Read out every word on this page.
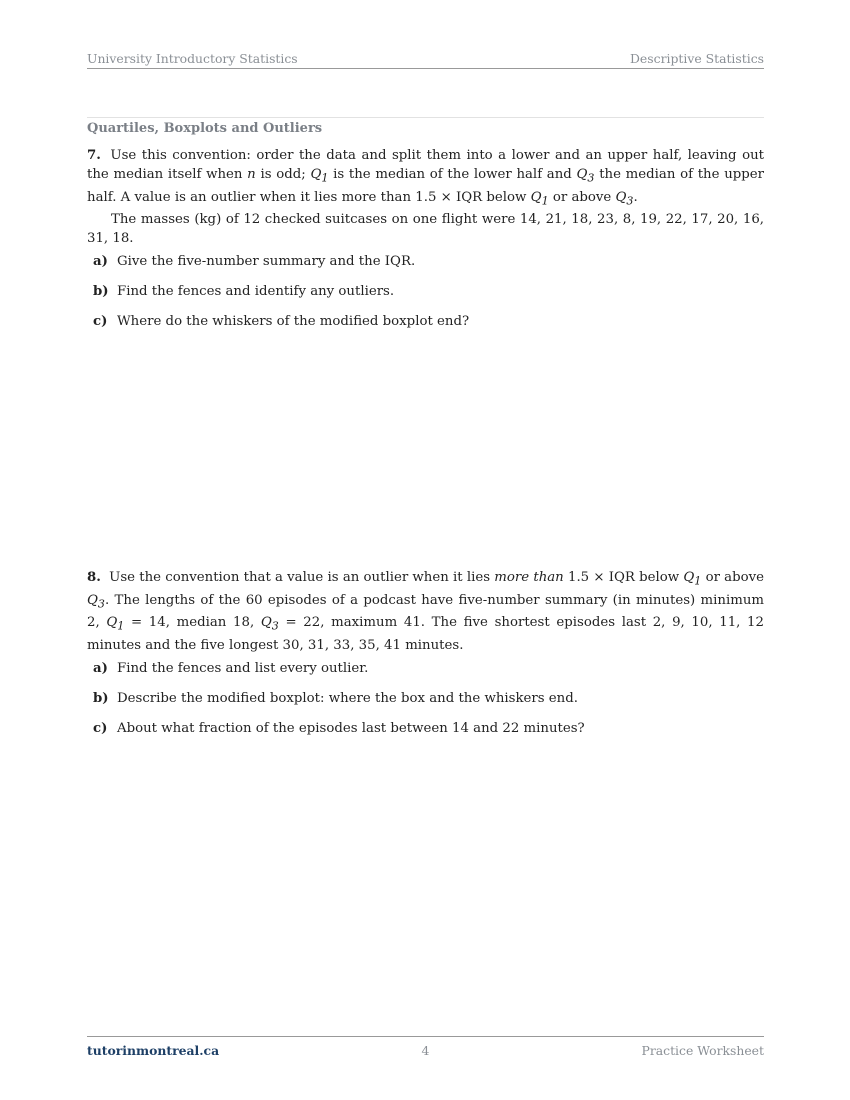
University Introductory Statistics	Descriptive Statistics
Quartiles, Boxplots and Outliers

7. Use this convention: order the data and split them into a lower and an upper half, leaving out the median itself when n is odd; $Q_1$ is the median of the lower half and $Q_3$ the median of the upper half. A value is an outlier when it lies more than 1.5 × IQR below $Q_1$ or above $Q_3$.

The masses (kg) of 12 checked suitcases on one flight were 14, 21, 18, 23, 8, 19, 22, 17, 20, 16, 31, 18.

a) Give the five-number summary and the IQR.
b) Find the fences and identify any outliers.
c) Where do the whiskers of the modified boxplot end?

8. Use the convention that a value is an outlier when it lies more than 1.5 × IQR below $Q_1$ or above $Q_3$. The lengths of the 60 episodes of a podcast have five-number summary (in minutes) minimum 2, $Q_1 = 14$, median 18, $Q_3 = 22$, maximum 41. The five shortest episodes last 2, 9, 10, 11, 12 minutes and the five longest 30, 31, 33, 35, 41 minutes.

a) Find the fences and list every outlier.
b) Describe the modified boxplot: where the box and the whiskers end.
c) About what fraction of the episodes last between 14 and 22 minutes?
tutorinmontreal.ca	4	Practice Worksheet
